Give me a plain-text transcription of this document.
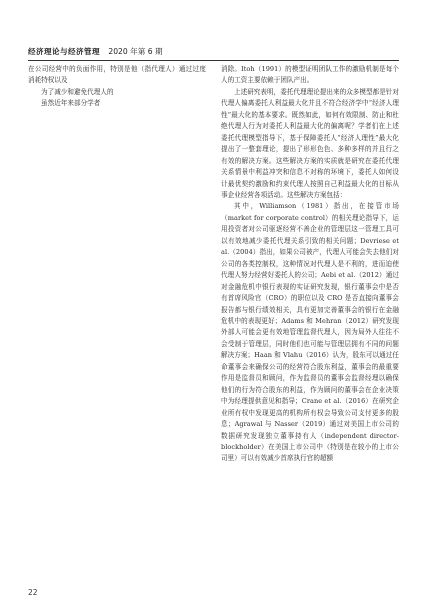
经济理论与经济管理 2020 年第 6 期

在公司经营中的负面作用，特别是他（指代理人）通过过度消耗特权以及

为了减少和避免代理人的

虽然近年来部分学者

消除。Itoh（1991）的模型证明团队工作的激励机制是每个人的工资主要依赖于团队产出。

上述研究表明，委托代理理论提出来的众多模型都是针对代理人偏离委托人利益最大化并且不符合经济学中“经济人理性”最大化的基本要求。既然如此，如何有效限制、防止和杜绝代理人行为对委托人利益最大化的偏离呢？学者们在上述委托代理模型指导下，基于保障委托人“经济人理性”最大化提出了一整套理论，提出了形形色色、多种多样的并且行之有效的解决方案。这些解决方案的实质就是研究在委托代理关系情景中利益冲突和信息不对称的环境下，委托人如何设计最优契约激励和约束代理人按照自己利益最大化的目标从事企业经营各项活动。这些解决方案包括：

其中，Williamson（1981）指出，在接管市场（market for corporate control）的相关理论指导下，运用投资者对公司驱逐经营不善企业的管理层这一管理工具可以有效地减少委托代理关系引致的相关问题；Devriese et al.（2004）指出，如果公司被产，代理人可能会失去他们对公司的各类控制权，这种情况对代理人是不利的，进而迫使代理人努力经营好委托人的公司；Aebi et al.（2012）通过对金融危机中银行表现的实证研究发现，银行董事会中是否有首席风险官（CRO）的职位以及 CRO 是否直接向董事会报告都与银行绩效相关，具有更加完善董事会的银行在金融危机中的表现更好；Adams 和 Mehran（2012）研究发现外部人可能会更有效地管理监督代理人，因为局外人往往不会受制于管理层，同时他们也可能与管理层拥有不同的问题解决方案；Haan 和 Vlahu（2016）认为，股东可以通过任命董事会来确保公司的经营符合股东利益，董事会的最重要作用是监督员和顾问，作为监督员的董事会监督经理以确保他们的行为符合股东的利益，作为顾问的董事会在企业决策中为经理提供意见和指导；Crane et al.（2016）在研究企业所有权中发现更高的机构所有权会导致公司支付更多的股息；Agrawal 与 Nasser（2019）通过对美国上市公司的数据研究发现独立董事持有人（independent director-blockholder）在美国上市公司中（特别是在较小的上市公司里）可以有效减少首席执行官的超额

22
